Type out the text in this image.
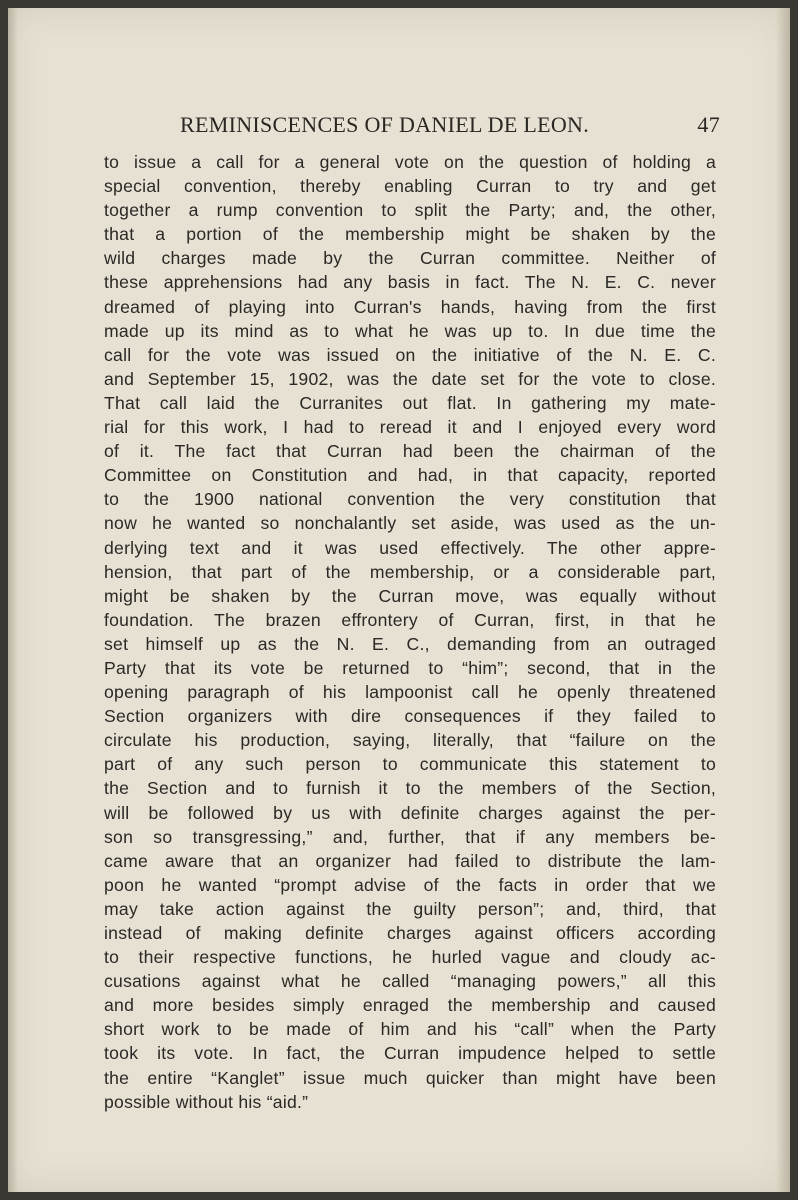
REMINISCENCES OF DANIEL DE LEON.	47
to issue a call for a general vote on the question of holding a
special convention, thereby enabling Curran to try and get
together a rump convention to split the Party; and, the other,
that a portion of the membership might be shaken by the
wild charges made by the Curran committee. Neither of
these apprehensions had any basis in fact. The N. E. C. never
dreamed of playing into Curran's hands, having from the first
made up its mind as to what he was up to. In due time the
call for the vote was issued on the initiative of the N. E. C.
and September 15, 1902, was the date set for the vote to close.
That call laid the Curranites out flat. In gathering my mate-
rial for this work, I had to reread it and I enjoyed every word
of it. The fact that Curran had been the chairman of the
Committee on Constitution and had, in that capacity, reported
to the 1900 national convention the very constitution that
now he wanted so nonchalantly set aside, was used as the un-
derlying text and it was used effectively. The other appre-
hension, that part of the membership, or a considerable part,
might be shaken by the Curran move, was equally without
foundation. The brazen effrontery of Curran, first, in that he
set himself up as the N. E. C., demanding from an outraged
Party that its vote be returned to “him”; second, that in the
opening paragraph of his lampoonist call he openly threatened
Section organizers with dire consequences if they failed to
circulate his production, saying, literally, that “failure on the
part of any such person to communicate this statement to
the Section and to furnish it to the members of the Section,
will be followed by us with definite charges against the per-
son so transgressing,” and, further, that if any members be-
came aware that an organizer had failed to distribute the lam-
poon he wanted “prompt advise of the facts in order that we
may take action against the guilty person”; and, third, that
instead of making definite charges against officers according
to their respective functions, he hurled vague and cloudy ac-
cusations against what he called “managing powers,” all this
and more besides simply enraged the membership and caused
short work to be made of him and his “call” when the Party
took its vote. In fact, the Curran impudence helped to settle
the entire “Kanglet” issue much quicker than might have been
possible without his “aid.”
